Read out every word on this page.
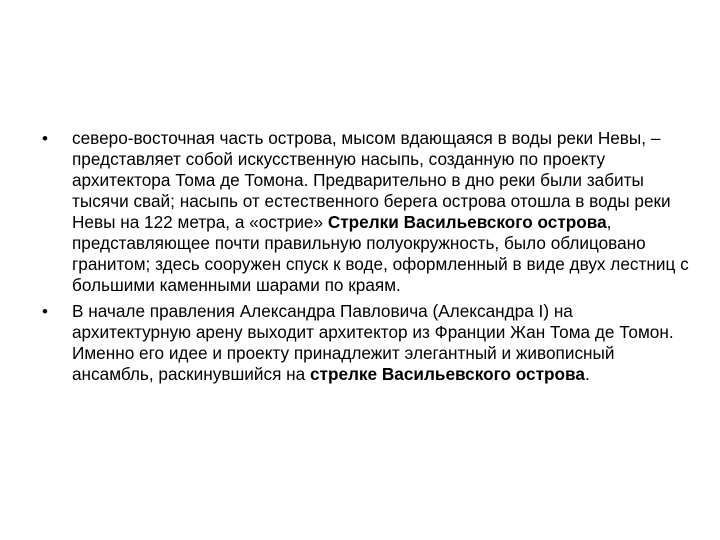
• северо-восточная часть острова, мысом вдающаяся в воды реки Невы, – представляет собой искусственную насыпь, созданную по проекту архитектора Тома де Томона. Предварительно в дно реки были забиты тысячи свай; насыпь от естественного берега острова отошла в воды реки Невы на 122 метра, а «острие» Стрелки Васильевского острова, представляющее почти правильную полуокружность, было облицовано гранитом; здесь сооружен спуск к воде, оформленный в виде двух лестниц с большими каменными шарами по краям.
• В начале правления Александра Павловича (Александра I) на архитектурную арену выходит архитектор из Франции Жан Тома де Томон. И‌менно его идее и проекту принадлежит элегантный и живописный ансамбль, раскинувшийся на стрелке Васильевского острова.
